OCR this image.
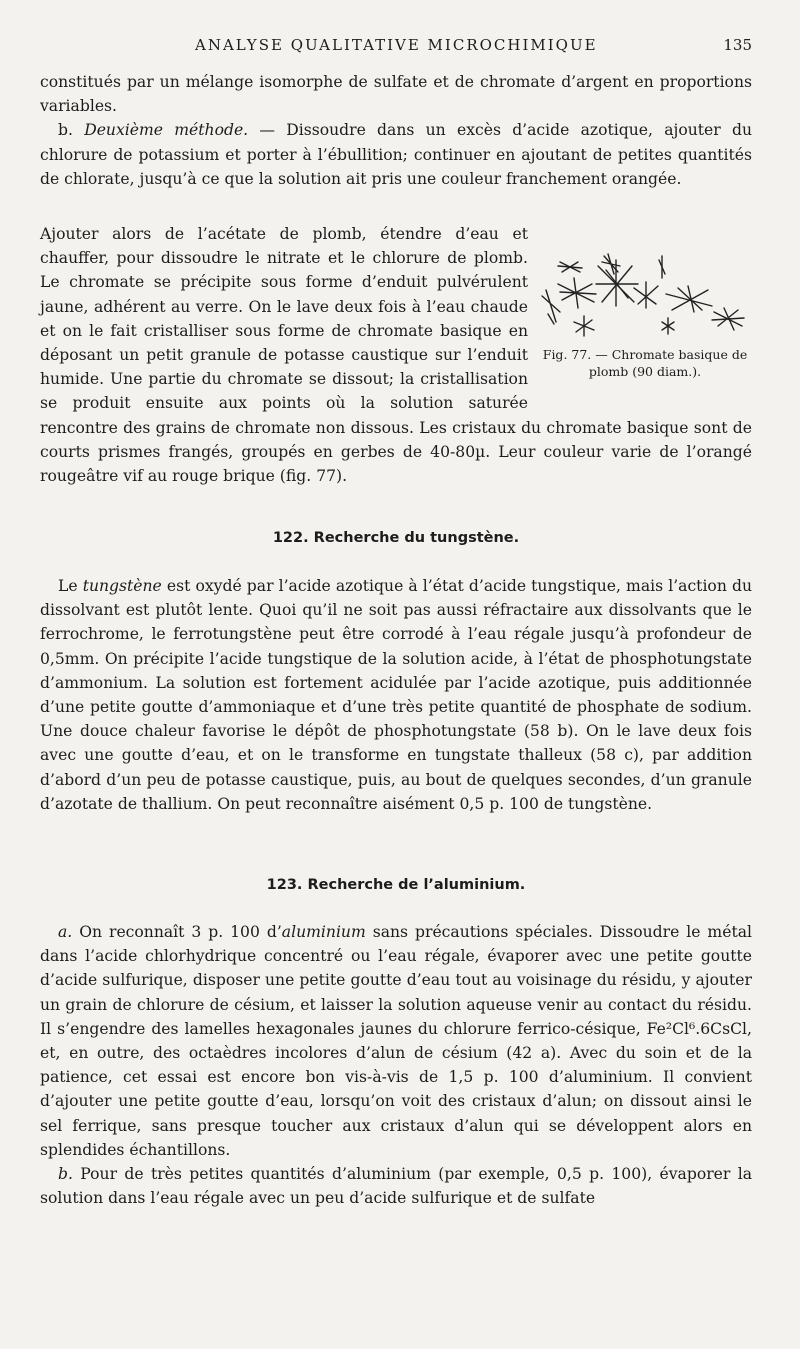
ANALYSE QUALITATIVE MICROCHIMIQUE	135

constitués par un mélange isomorphe de sulfate et de chromate d’argent en proportions variables.

b. Deuxième méthode. — Dissoudre dans un excès d’acide azotique, ajouter du chlorure de potassium et porter à l’ébullition; continuer en ajoutant de petites quantités de chlorate, jusqu’à ce que la solution ait pris une couleur franchement orangée.

Fig. 77. — Chromate basique de plomb (90 diam.).

Ajouter alors de l’acétate de plomb, étendre d’eau et chauffer, pour dissoudre le nitrate et le chlorure de plomb. Le chromate se précipite sous forme d’enduit pulvérulent jaune, adhérent au verre. On le lave deux fois à l’eau chaude et on le fait cristalliser sous forme de chromate basique en déposant un petit granule de potasse caustique sur l’enduit humide. Une partie du chromate se dissout; la cristallisation se produit ensuite aux points où la solution saturée rencontre des grains de chromate non dissous. Les cristaux du chromate basique sont de courts prismes frangés, groupés en gerbes de 40-80µ. Leur couleur varie de l’orangé rougeâtre vif au rouge brique (fig. 77).

122. Recherche du tungstène.

Le tungstène est oxydé par l’acide azotique à l’état d’acide tungstique, mais l’action du dissolvant est plutôt lente. Quoi qu’il ne soit pas aussi réfractaire aux dissolvants que le ferrochrome, le ferrotungstène peut être corrodé à l’eau régale jusqu’à profondeur de 0,5mm. On précipite l’acide tungstique de la solution acide, à l’état de phosphotungstate d’ammonium. La solution est fortement acidulée par l’acide azotique, puis additionnée d’une petite goutte d’ammoniaque et d’une très petite quantité de phosphate de sodium. Une douce chaleur favorise le dépôt de phosphotungstate (58 b). On le lave deux fois avec une goutte d’eau, et on le transforme en tungstate thalleux (58 c), par addition d’abord d’un peu de potasse caustique, puis, au bout de quelques secondes, d’un granule d’azotate de thallium. On peut reconnaître aisément 0,5 p. 100 de tungstène.

123. Recherche de l’aluminium.

a. On reconnaît 3 p. 100 d’aluminium sans précautions spéciales. Dissoudre le métal dans l’acide chlorhydrique concentré ou l’eau régale, évaporer avec une petite goutte d’acide sulfurique, disposer une petite goutte d’eau tout au voisinage du résidu, y ajouter un grain de chlorure de césium, et laisser la solution aqueuse venir au contact du résidu. Il s’engendre des lamelles hexagonales jaunes du chlorure ferrico-césique, Fe²Cl⁶.6CsCl, et, en outre, des octaèdres incolores d’alun de césium (42 a). Avec du soin et de la patience, cet essai est encore bon vis-à-vis de 1,5 p. 100 d’aluminium. Il convient d’ajouter une petite goutte d’eau, lorsqu’on voit des cristaux d’alun; on dissout ainsi le sel ferrique, sans presque toucher aux cristaux d’alun qui se développent alors en splendides échantillons.

b. Pour de très petites quantités d’aluminium (par exemple, 0,5 p. 100), évaporer la solution dans l’eau régale avec un peu d’acide sulfurique et de sulfate
